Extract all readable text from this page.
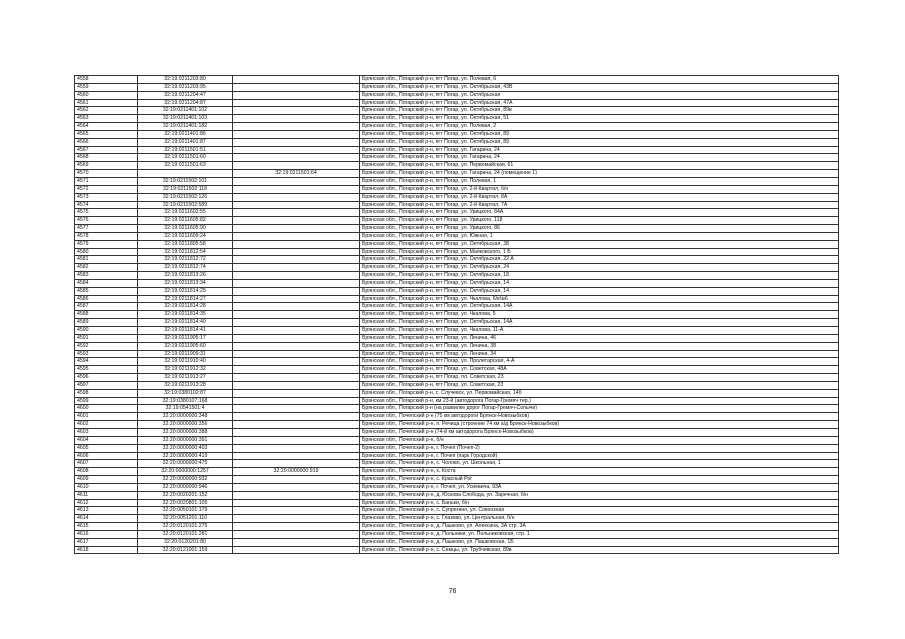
4558	32:19:0211203:80		Брянская обл., Погарский р-н, пгт Погар, ул. Полевая, 6
4559	32:19:0211203:95		Брянская обл., Погарский р-н, пгт Погар, ул. Октябрьская, 43В
4560	32:19:0211204:47		Брянская обл., Погарский р-н, пгт Погар, ул. Октябрьская
4561	32:19:0211204:87		Брянская обл., Погарский р-н, пгт Погар, ул. Октябрьская, 47А
4562	32:19:0211401:102		Брянская обл., Погарский р-н, пгт Погар, ул. Октябрьская, 89в
4563	32:19:0211401:103		Брянская обл., Погарский р-н, пгт Погар, ул. Октябрьская, 51
4564	32:19:0211401:182		Брянская обл., Погарский р-н, пгт Погар, ул. Полевая, 2
4565	32:19:0211401:86		Брянская обл., Погарский р-н, пгт Погар, ул. Октябрьская, 89
4566	32:19:0211401:87		Брянская обл., Погарский р-н, пгт Погар, ул. Октябрьская, 89
4567	32:19:0211501:51		Брянская обл., Погарский р-н, пгт Погар, ул. Гагарина, 24
4568	32:19:0211501:60		Брянская обл., Погарский р-н, пгт Погар, ул. Гагарина, 24
4569	32:19:0211501:63		Брянская обл., Погарский р-н, пгт Погар, ул. Первомайская, 61
4570		32:19:0211501:64	Брянская обл., Погарский р-н, пгт Погар, ул. Гагарина, 24 (помещение 1)
4571	32:19:0211502:101		Брянская обл., Погарский р-н, пгт Погар, ул. Полевая, 1
4572	32:19:0211502:118		Брянская обл., Погарский р-н, пгт Погар, ул. 2-й Квартал, б/н
4573	32:19:0211502:126		Брянская обл., Погарский р-н, пгт Погар, ул. 2-й Квартал, 8А
4574	32:19:0211502:589		Брянская обл., Погарский р-н, пгт Погар, ул. 2-й Квартал, 7А
4575	32:19:0211602:55		Брянская обл., Погарский р-н, пгт Погар, ул. Урицкого, 84А
4576	32:19:0211605:82		Брянская обл., Погарский р-н, пгт Погар, ул. Урицкого, 118
4577	32:19:0211605:90		Брянская обл., Погарский р-н, пгт Погар, ул. Урицкого, 86
4578	32:19:0211609:24		Брянская обл., Погарский р-н, пгт Погар, ул. Южная, 1
4579	32:19:0211805:58		Брянская обл., Погарский р-н, пгт Погар, ул. Октябрьская, 38
4580	32:19:0211812:54		Брянская обл., Погарский р-н, пгт Погар, ул. Маяковского, 1 Б
4581	32:19:0211812:72		Брянская обл., Погарский р-н, пгт Погар, ул. Октябрьская, 22 А
4582	32:19:0211812:74		Брянская обл., Погарский р-н, пгт Погар, ул. Октябрьская, 24
4583	32:19:0211813:26		Брянская обл., Погарский р-н, пгт Погар, ул. Октябрьская, 18
4584	32:19:0211813:34		Брянская обл., Погарский р-н, пгт Погар, ул. Октябрьская, 14
4585	32:19:0211814:25		Брянская обл., Погарский р-н, пгт Погар, ул. Октябрьская, 14
4586	32:19:0211814:27		Брянская обл., Погарский р-н, пгт Погар, ул. Чкалова, 6/к№6
4587	32:19:0211814:28		Брянская обл., Погарский р-н, пгт Погар, ул. Октябрьская, 14А
4588	32:19:0211814:35		Брянская обл., Погарский р-н, пгт Погар, ул. Чкалова, 5
4589	32:19:0211814:40		Брянская обл., Погарский р-н, пгт Погар, ул. Октябрьская, 14А
4590	32:19:0211814:41		Брянская обл., Погарский р-н, пгт Погар, ул. Чкалова, 11-А
4591	32:19:0211905:17		Брянская обл., Погарский р-н, пгт Погар, ул. Ленина, 46
4592	32:19:0211905:60		Брянская обл., Погарский р-н, пгт Погар, ул. Ленина, 38
4593	32:19:0211909:31		Брянская обл., Погарский р-н, пгт Погар, ул. Ленина, 34
4594	32:19:0211910:40		Брянская обл., Погарский р-н, пгт Погар, ул. Пролетарская, 4-А
4595	32:19:0211912:32		Брянская обл., Погарский р-н, пгт Погар, ул. Советская, 48А
4596	32:19:0211913:27		Брянская обл., Погарский р-н, пгт Погар, пл. Советская, 23
4597	32:19:0211913:28		Брянская обл., Погарский р-н, пгт Погар, ул. Советская, 23
4598	32:19:0380102:87		Брянская обл., Погарский р-н, с. Случевск, ул. Первомайская, 14б
4599	32:19:0380107:168		Брянская обл., Погарский р-н, км 23-й (автодорога Погар-Гремяч тер.)
4600	32:19:0541501:4		Брянская обл., Погарский р-н (на развилке дорог Погар-Гремяч-Сопычи)
4601	32:20:0000000:348		Брянская обл., Почепский р-н (75 км автодороги Брянск-Новозыбков)
4602	32:20:0000000:356		Брянская обл., Почепский р-н, п. Речица (строение 74 км а/д Брянск-Новозыбков)
4603	32:20:0000000:388		Брянская обл., Почепский р-н (74-й км автодорога Брянск-Новозыбков)
4604	32:20:0000000:391		Брянская обл., Почепский р-н, б/н
4605	32:20:0000000:403		Брянская обл., Почепский р-н, г. Почеп (Почеп-2)
4606	32:20:0000000:419		Брянская обл., Почепский р-н, г. Почеп (парк Городской)
4607	32:20:0000000:475		Брянская обл., Почепский р-н, с. Чолово, ул. Школьная, 1
4608	32:20:0000000:1257	32:20:0000000:919	Брянская обл., Почепский р-н, х. Коста
4609	32:20:0000000:932		Брянская обл., Почепский р-н, с. Красный Рог
4610	32:20:0000000:946		Брянская обл., Почепский р-н, г. Почеп, ул. Усиевича, 93А
4611	32:20:0020201:152		Брянская обл., Почепский р-н, д. Юскова Слобода, ул. Заречная, б/н
4612	32:20:0020801:105		Брянская обл., Почепский р-н, с. Баньки, б/н
4613	32:20:0050101:179		Брянская обл., Почепский р-н, с. Супрягино, ул. Совхозная
4614	32:20:0051201:110		Брянская обл., Почепский р-н, с. Глазово, ул. Центральная, б/н
4615	32:20:0120101:275		Брянская обл., Почепский р-н, д. Пашково, ул. Алексина, 3А стр. 3А
4616	32:20:0120101:281		Брянская обл., Почепский р-н, д. Польники, ул. Польниковская, стр. 1
4617	32:20:0120201:80		Брянская обл., Почепский р-н, д. Пашково, ул. Пашковская, 1Б
4618	32:20:0121001:159		Брянская обл., Почепский р-н, с. Семцы, ул. Трубчевская, 89в
76
